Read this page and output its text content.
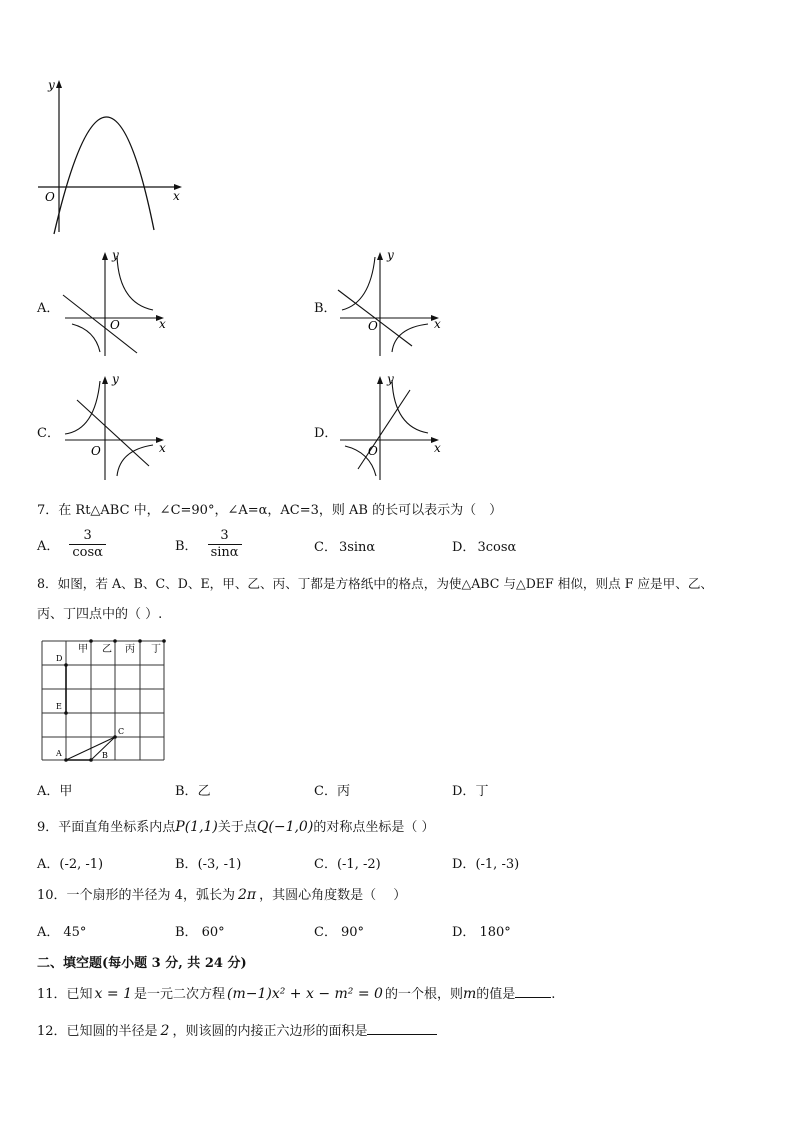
y
x
O
A．
y
x
O
B．
y
x
O
C．
y
x
O
D．
y
x
O
7．在 Rt△ABC 中，∠C=90°，∠A=α，AC=3，则 AB 的长可以表示为（　）
A． $\frac{3}{\cos\alpha}$	B． $\frac{3}{\sin\alpha}$	C． 3sinα	D． 3cosα
8．如图，若 A、B、C、D、E，甲、乙、丙、丁都是方格纸中的格点，为使△ABC 与△DEF 相似，则点 F 应是甲、乙、
丙、丁四点中的（ ）.
甲 乙 丙 丁
D
E
A	B
C
A．甲	B．乙	C．丙	D．丁
9．平面直角坐标系内点P(1,1)关于点Q(−1,0)的对称点坐标是（ ）
A．(-2, -1)	B．(-3, -1)	C．(-1, -2)	D．(-1, -3)
10．一个扇形的半径为 4，弧长为 2π ，其圆心角度数是（　 ）
A． 45°	B． 60°	C． 90°	D． 180°
二、填空题(每小题 3 分, 共 24 分)
11．已知 x = 1 是一元二次方程 (m−1)x² + x − m² = 0 的一个根，则m的值是	.
12．已知圆的半径是 2 ，则该圆的内接正六边形的面积是
